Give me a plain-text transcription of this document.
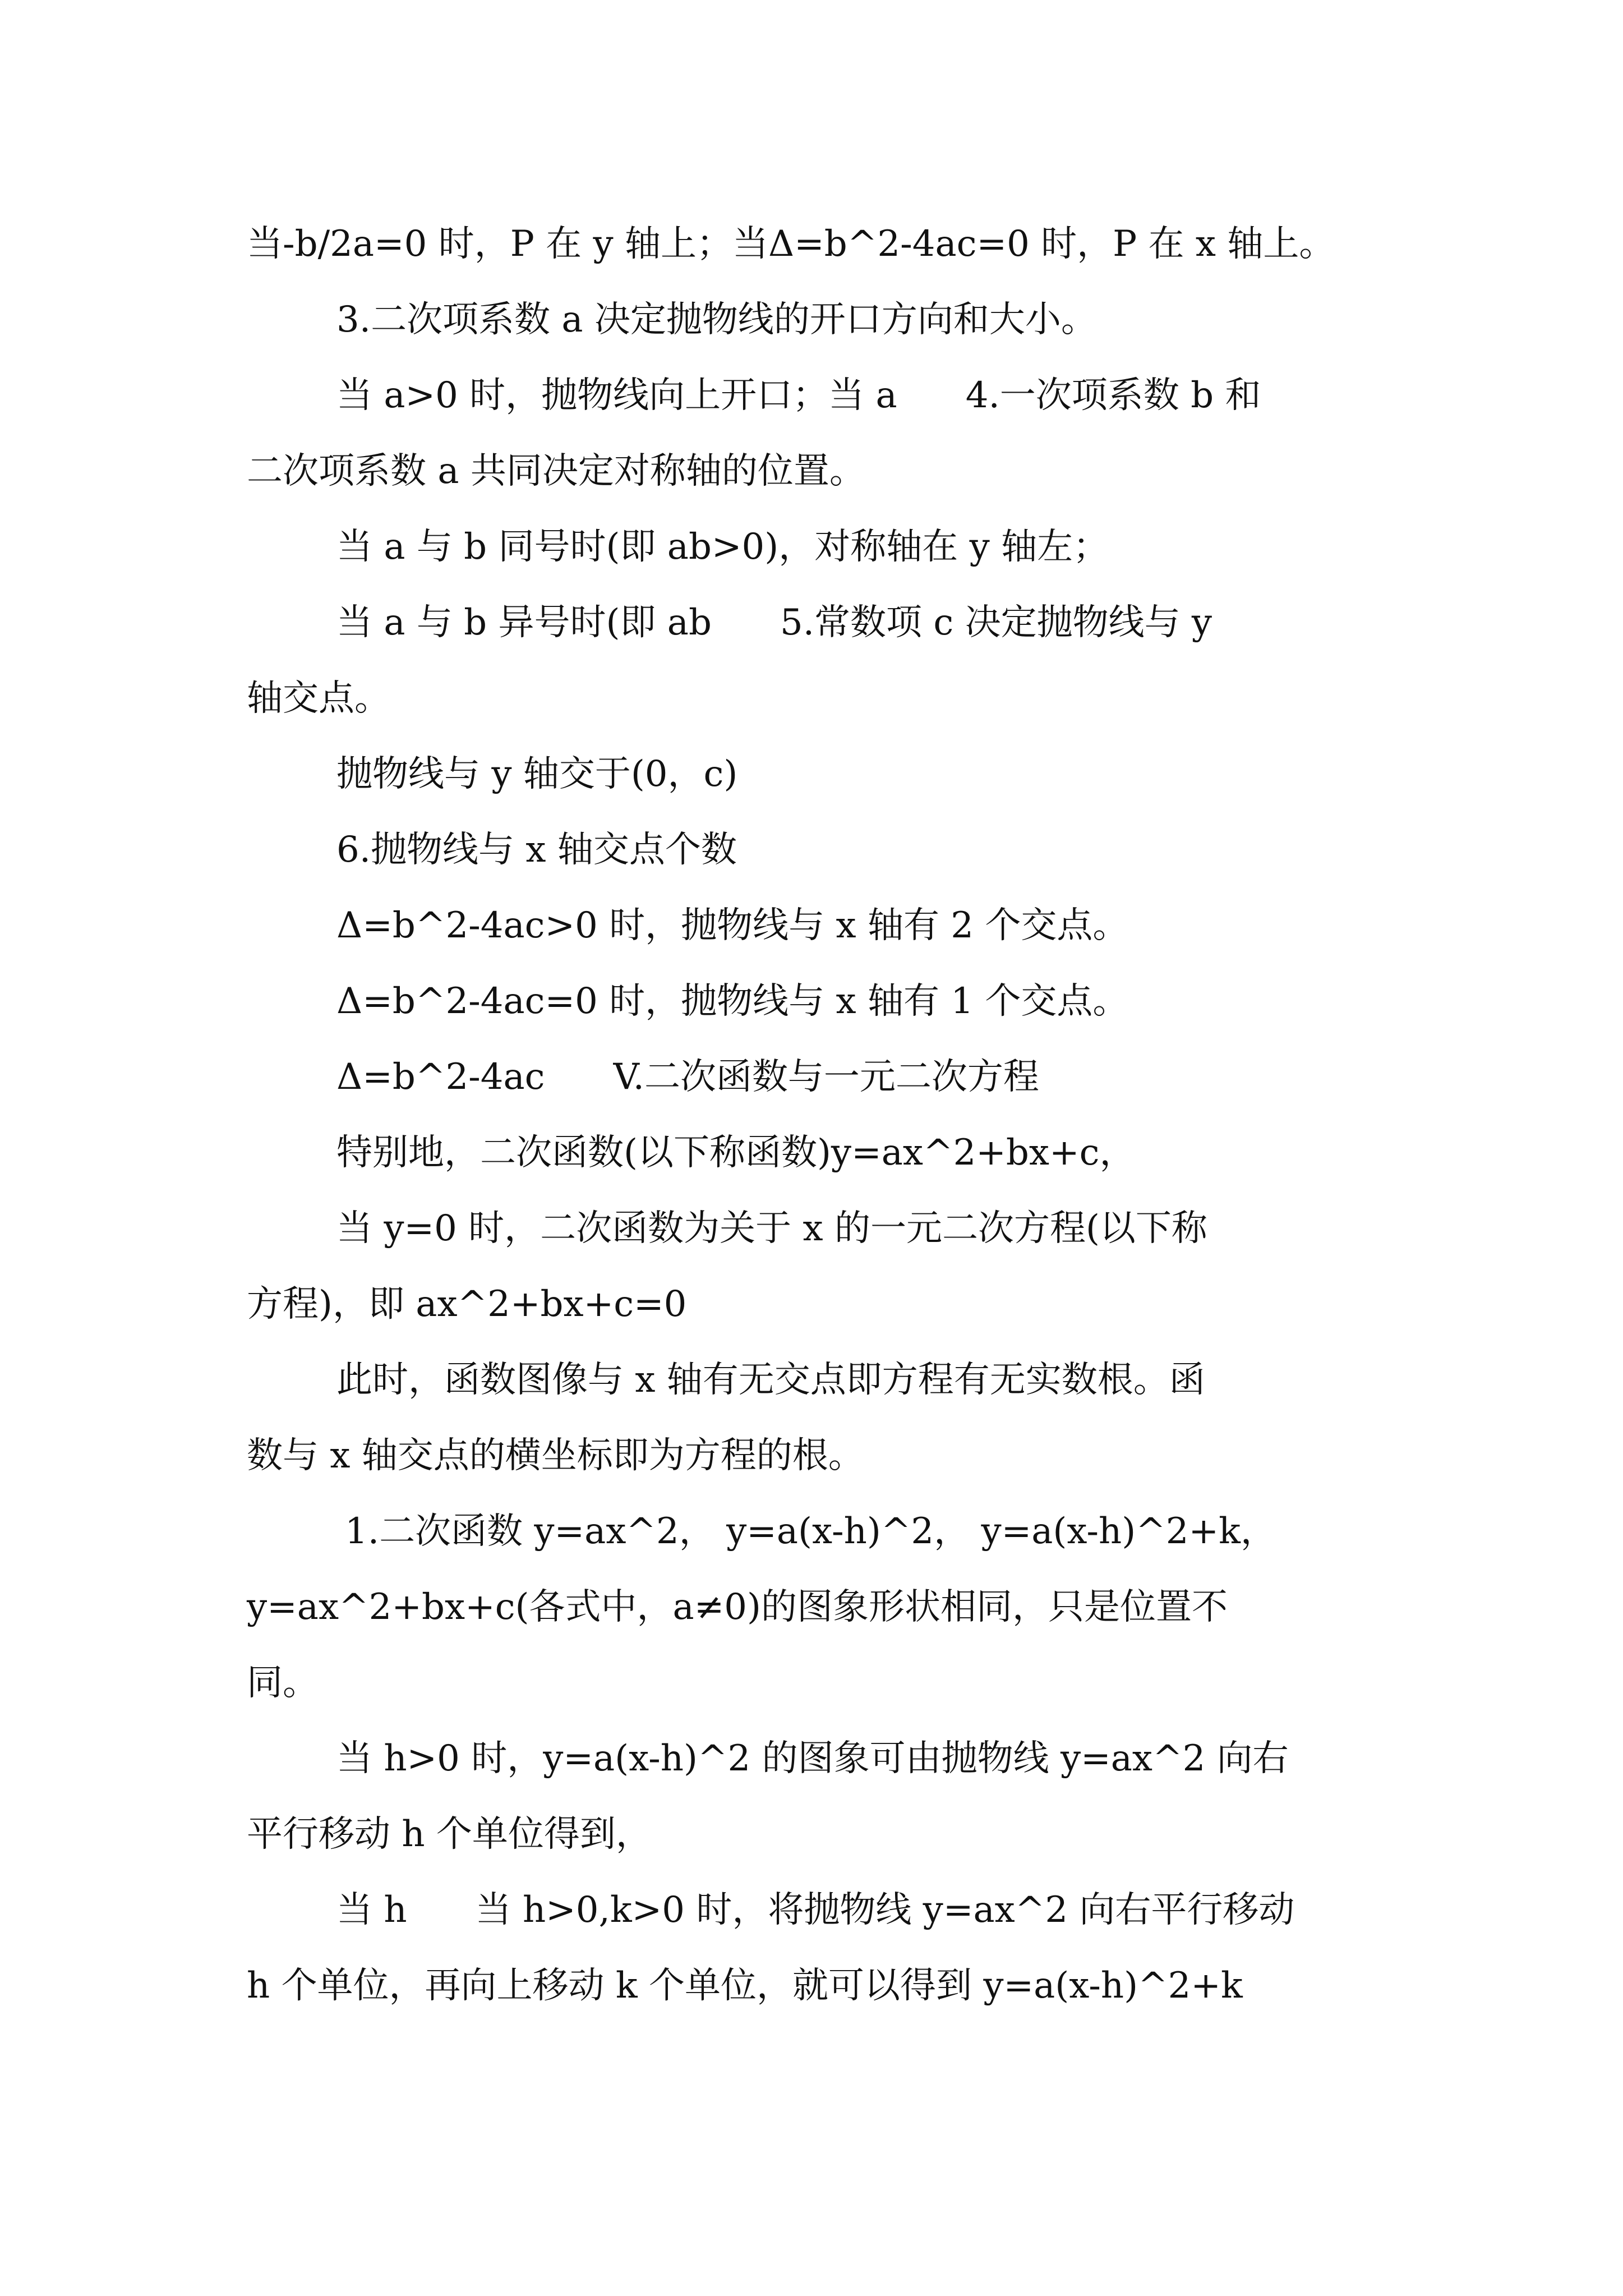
当-b/2a=0 时，P 在 y 轴上；当Δ=b^2-4ac=0 时，P 在 x 轴上。

3.二次项系数 a 决定抛物线的开口方向和大小。

当 a>0 时，抛物线向上开口；当 a      4.一次项系数 b 和

二次项系数 a 共同决定对称轴的位置。

当 a 与 b 同号时(即 ab>0)，对称轴在 y 轴左；

当 a 与 b 异号时(即 ab      5.常数项 c 决定抛物线与 y

轴交点。

抛物线与 y 轴交于(0，c)

6.抛物线与 x 轴交点个数

Δ=b^2-4ac>0 时，抛物线与 x 轴有 2 个交点。

Δ=b^2-4ac=0 时，抛物线与 x 轴有 1 个交点。

Δ=b^2-4ac      V.二次函数与一元二次方程

特别地，二次函数(以下称函数)y=ax^2+bx+c，

当 y=0 时，二次函数为关于 x 的一元二次方程(以下称

方程)，即 ax^2+bx+c=0

此时，函数图像与 x 轴有无交点即方程有无实数根。函

数与 x 轴交点的横坐标即为方程的根。

1.二次函数 y=ax^2， y=a(x-h)^2， y=a(x-h)^2+k，

y=ax^2+bx+c(各式中，a≠0)的图象形状相同，只是位置不

同。

当 h>0 时，y=a(x-h)^2 的图象可由抛物线 y=ax^2 向右

平行移动 h 个单位得到，

当 h      当 h>0,k>0 时，将抛物线 y=ax^2 向右平行移动

h 个单位，再向上移动 k 个单位，就可以得到 y=a(x-h)^2+k
